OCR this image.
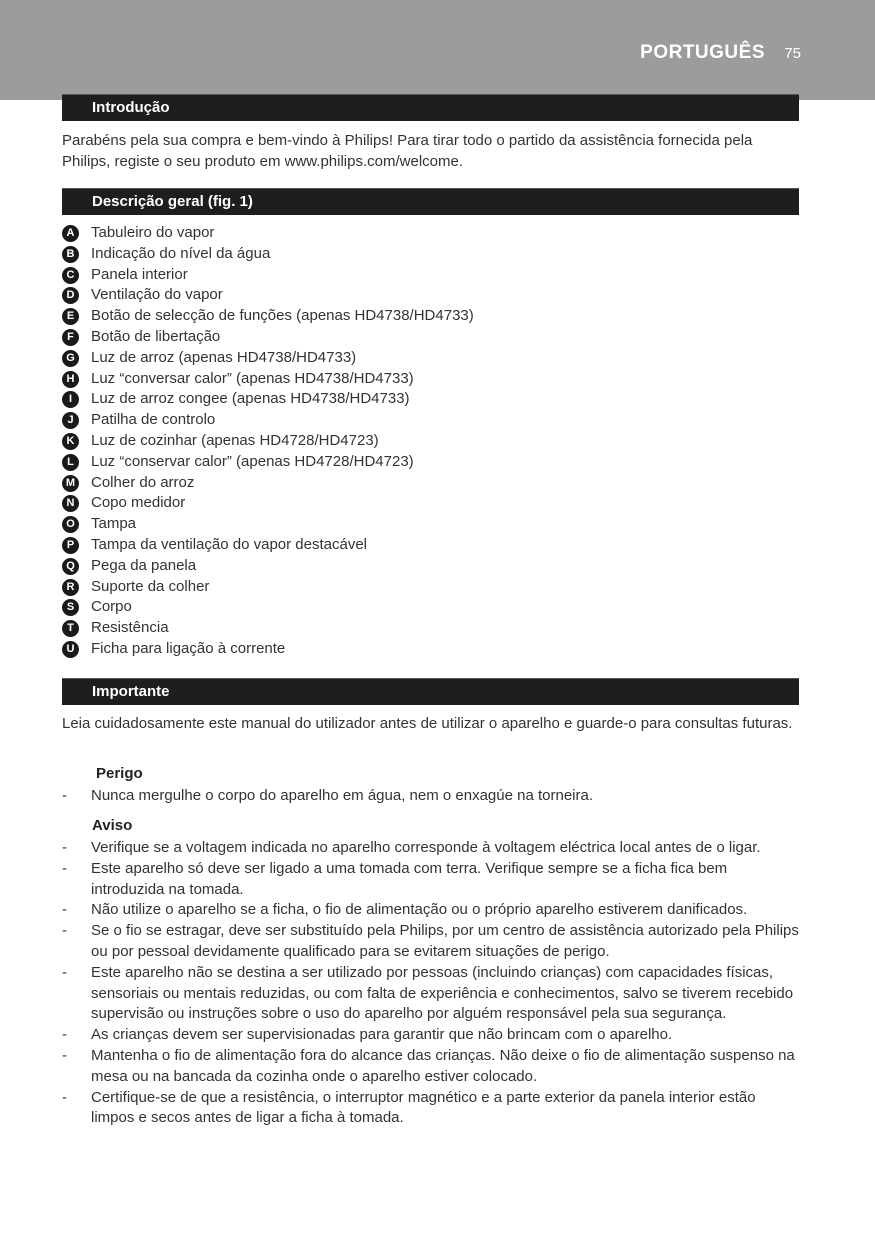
PORTUGUÊS 75
Introdução
Parabéns pela sua compra e bem-vindo à Philips! Para tirar todo o partido da assistência fornecida pela Philips, registe o seu produto em www.philips.com/welcome.
Descrição geral (fig. 1)
A	Tabuleiro do vapor
B	Indicação do nível da água
C	Panela interior
D	Ventilação do vapor
E	Botão de selecção de funções (apenas HD4738/HD4733)
F	Botão de libertação
G Luz de arroz (apenas HD4738/HD4733)
H	Luz “conversar calor” (apenas HD4738/HD4733)
I	Luz de arroz congee (apenas HD4738/HD4733)
J	Patilha de controlo
K	Luz de cozinhar (apenas HD4728/HD4723)
L	Luz “conservar calor” (apenas HD4728/HD4723)
M Colher do arroz
N	Copo medidor
O Tampa
P	Tampa da ventilação do vapor destacável
Q Pega da panela
R	Suporte da colher
S	Corpo
T	Resistência
U	Ficha para ligação à corrente
Importante
Leia cuidadosamente este manual do utilizador antes de utilizar o aparelho e guarde-o para consultas futuras.
Perigo
- Nunca mergulhe o corpo do aparelho em água, nem o enxagúe na torneira.
Aviso
- Verifique se a voltagem indicada no aparelho corresponde à voltagem eléctrica local antes de o ligar.
- Este aparelho só deve ser ligado a uma tomada com terra. Verifique sempre se a ficha fica bem introduzida na tomada.
- Não utilize o aparelho se a ficha, o fio de alimentação ou o próprio aparelho estiverem danificados.
- Se o fio se estragar, deve ser substituído pela Philips, por um centro de assistência autorizado pela Philips ou por pessoal devidamente qualificado para se evitarem situações de perigo.
- Este aparelho não se destina a ser utilizado por pessoas (incluindo crianças) com capacidades físicas, sensoriais ou mentais reduzidas, ou com falta de experiência e conhecimentos, salvo se tiverem recebido supervisão ou instruções sobre o uso do aparelho por alguém responsável pela sua segurança.
- As crianças devem ser supervisionadas para garantir que não brincam com o aparelho.
- Mantenha o fio de alimentação fora do alcance das crianças. Não deixe o fio de alimentação suspenso na mesa ou na bancada da cozinha onde o aparelho estiver colocado.
- Certifique-se de que a resistência, o interruptor magnético e a parte exterior da panela interior estão limpos e secos antes de ligar a ficha à tomada.
